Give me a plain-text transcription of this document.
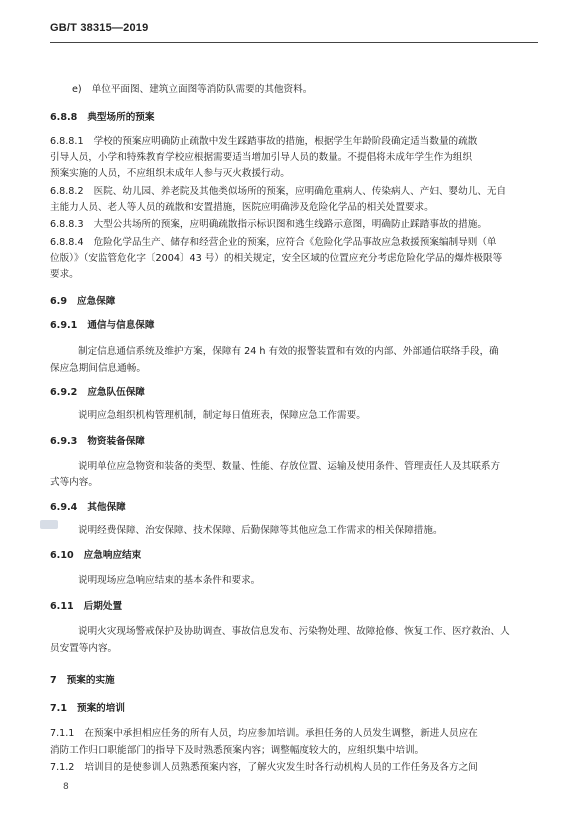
GB/T 38315—2019
e) 单位平面图、建筑立面图等消防队需要的其他资料。
6.8.8 典型场所的预案
6.8.8.1 学校的预案应明确防止疏散中发生踩踏事故的措施，根据学生年龄阶段确定适当数量的疏散
引导人员，小学和特殊教育学校应根据需要适当增加引导人员的数量。不提倡将未成年学生作为组织
预案实施的人员，不应组织未成年人参与灭火救援行动。
6.8.8.2 医院、幼儿园、养老院及其他类似场所的预案，应明确危重病人、传染病人、产妇、婴幼儿、无自
主能力人员、老人等人员的疏散和安置措施，医院应明确涉及危险化学品的相关处置要求。
6.8.8.3 大型公共场所的预案，应明确疏散指示标识图和逃生线路示意图，明确防止踩踏事故的措施。
6.8.8.4 危险化学品生产、储存和经营企业的预案，应符合《危险化学品事故应急救援预案编制导则（单
位版）》（安监管危化字〔2004〕43 号）的相关规定，安全区域的位置应充分考虑危险化学品的爆炸极限等
要求。
6.9 应急保障
6.9.1 通信与信息保障
制定信息通信系统及维护方案，保障有 24 h 有效的报警装置和有效的内部、外部通信联络手段，确
保应急期间信息通畅。
6.9.2 应急队伍保障
说明应急组织机构管理机制，制定每日值班表，保障应急工作需要。
6.9.3 物资装备保障
说明单位应急物资和装备的类型、数量、性能、存放位置、运输及使用条件、管理责任人及其联系方
式等内容。
6.9.4 其他保障
说明经费保障、治安保障、技术保障、后勤保障等其他应急工作需求的相关保障措施。
6.10 应急响应结束
说明现场应急响应结束的基本条件和要求。
6.11 后期处置
说明火灾现场警戒保护及协助调查、事故信息发布、污染物处理、故障抢修、恢复工作、医疗救治、人
员安置等内容。
7 预案的实施
7.1 预案的培训
7.1.1 在预案中承担相应任务的所有人员，均应参加培训。承担任务的人员发生调整，新进人员应在
消防工作归口职能部门的指导下及时熟悉预案内容；调整幅度较大的，应组织集中培训。
7.1.2 培训目的是使参训人员熟悉预案内容，了解火灾发生时各行动机构人员的工作任务及各方之间
8
